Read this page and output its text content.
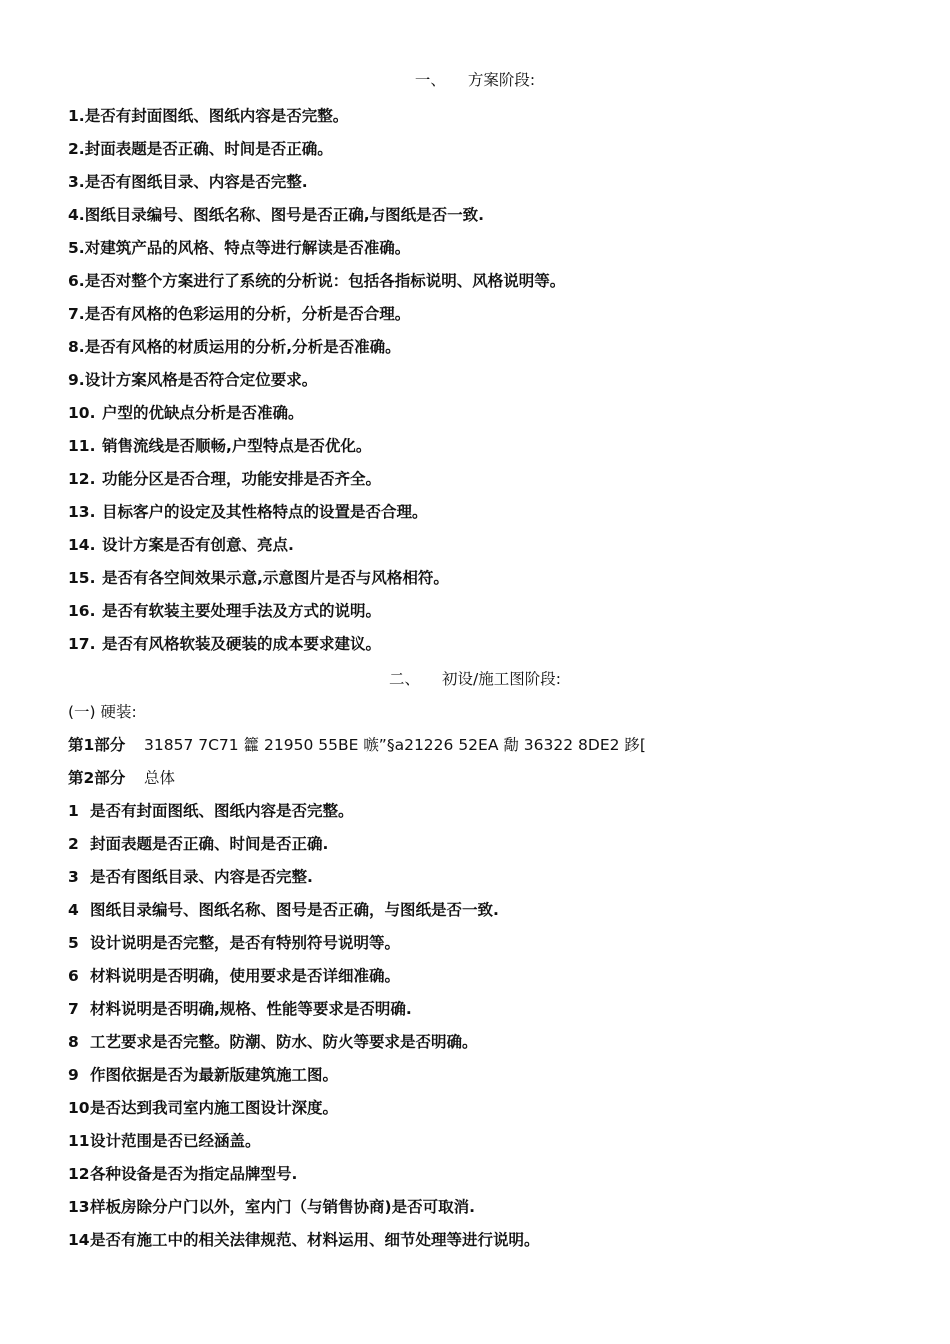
一、 方案阶段:
1.是否有封面图纸、图纸内容是否完整。
2.封面表题是否正确、时间是否正确。
3.是否有图纸目录、内容是否完整.
4.图纸目录编号、图纸名称、图号是否正确,与图纸是否一致.
5.对建筑产品的风格、特点等进行解读是否准确。
6.是否对整个方案进行了系统的分析说：包括各指标说明、风格说明等。
7.是否有风格的色彩运用的分析，分析是否合理。
8.是否有风格的材质运用的分析,分析是否准确。
9.设计方案风格是否符合定位要求。
10. 户型的优缺点分析是否准确。
11. 销售流线是否顺畅,户型特点是否优化。
12. 功能分区是否合理，功能安排是否齐全。
13. 目标客户的设定及其性格特点的设置是否合理。
14. 设计方案是否有创意、亮点.
15. 是否有各空间效果示意,示意图片是否与风格相符。
16. 是否有软装主要处理手法及方式的说明。
17. 是否有风格软装及硬装的成本要求建议。
二、 初设/施工图阶段:
(一) 硬装:
第1部分 31857 7C71 籱 21950 55BE 嗾”§a21226 52EA 勪 36322 8DE2 跢[
第2部分 总体
1 是否有封面图纸、图纸内容是否完整。
2 封面表题是否正确、时间是否正确.
3 是否有图纸目录、内容是否完整.
4 图纸目录编号、图纸名称、图号是否正确，与图纸是否一致.
5 设计说明是否完整，是否有特别符号说明等。
6 材料说明是否明确，使用要求是否详细准确。
7 材料说明是否明确,规格、性能等要求是否明确.
8 工艺要求是否完整。防潮、防水、防火等要求是否明确。
9 作图依据是否为最新版建筑施工图。
10是否达到我司室内施工图设计深度。
11设计范围是否已经涵盖。
12各种设备是否为指定品牌型号.
13样板房除分户门以外，室内门（与销售协商)是否可取消.
14是否有施工中的相关法律规范、材料运用、细节处理等进行说明。
